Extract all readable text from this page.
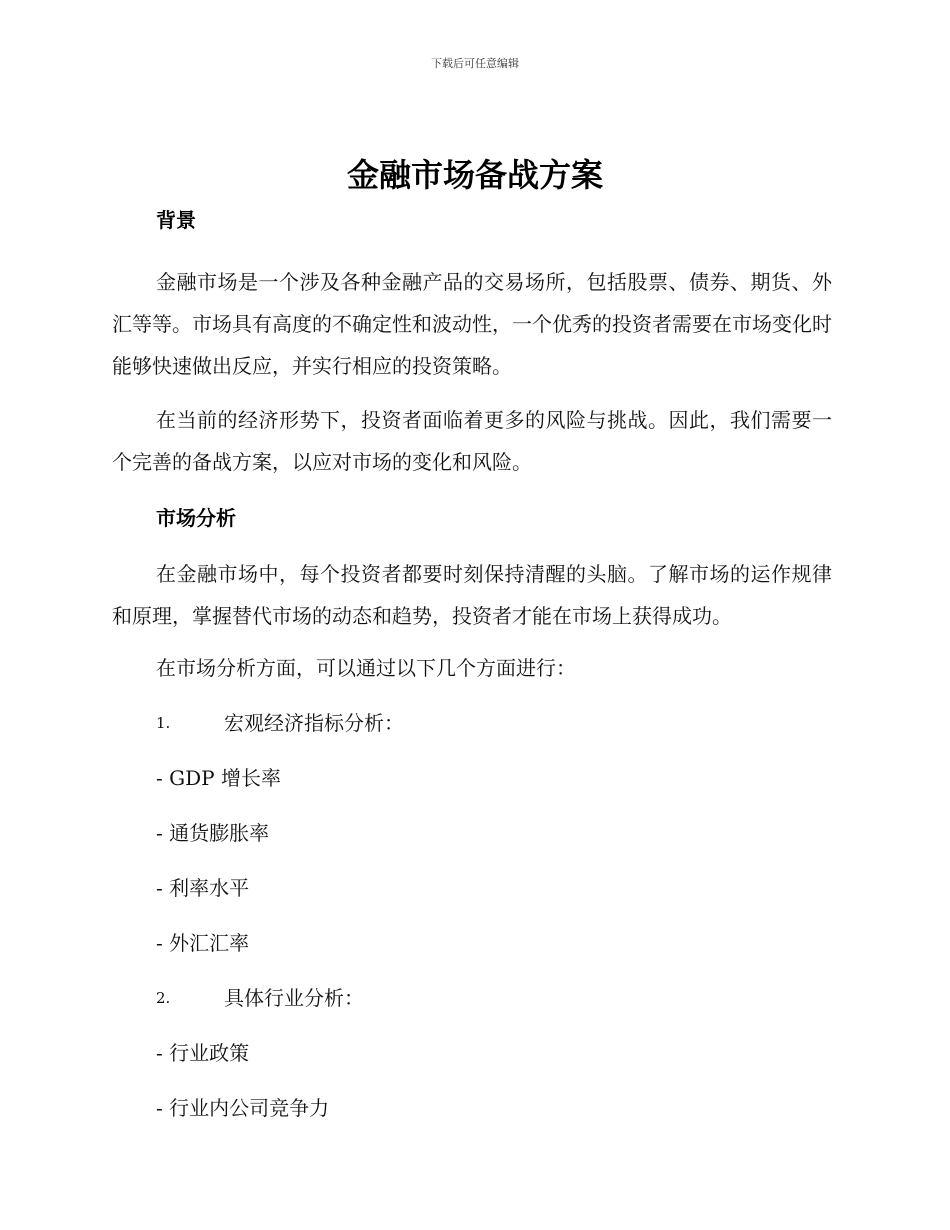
下载后可任意编辑
金融市场备战方案
背景

金融市场是一个涉及各种金融产品的交易场所，包括股票、债券、期货、外汇等等。市场具有高度的不确定性和波动性，一个优秀的投资者需要在市场变化时能够快速做出反应，并实行相应的投资策略。

在当前的经济形势下，投资者面临着更多的风险与挑战。因此，我们需要一个完善的备战方案，以应对市场的变化和风险。

市场分析

在金融市场中，每个投资者都要时刻保持清醒的头脑。了解市场的运作规律和原理，掌握替代市场的动态和趋势，投资者才能在市场上获得成功。

在市场分析方面，可以通过以下几个方面进行：
1.	宏观经济指标分析：
- GDP 增长率
- 通货膨胀率
- 利率水平
- 外汇汇率
2.	具体行业分析：
- 行业政策
- 行业内公司竞争力
